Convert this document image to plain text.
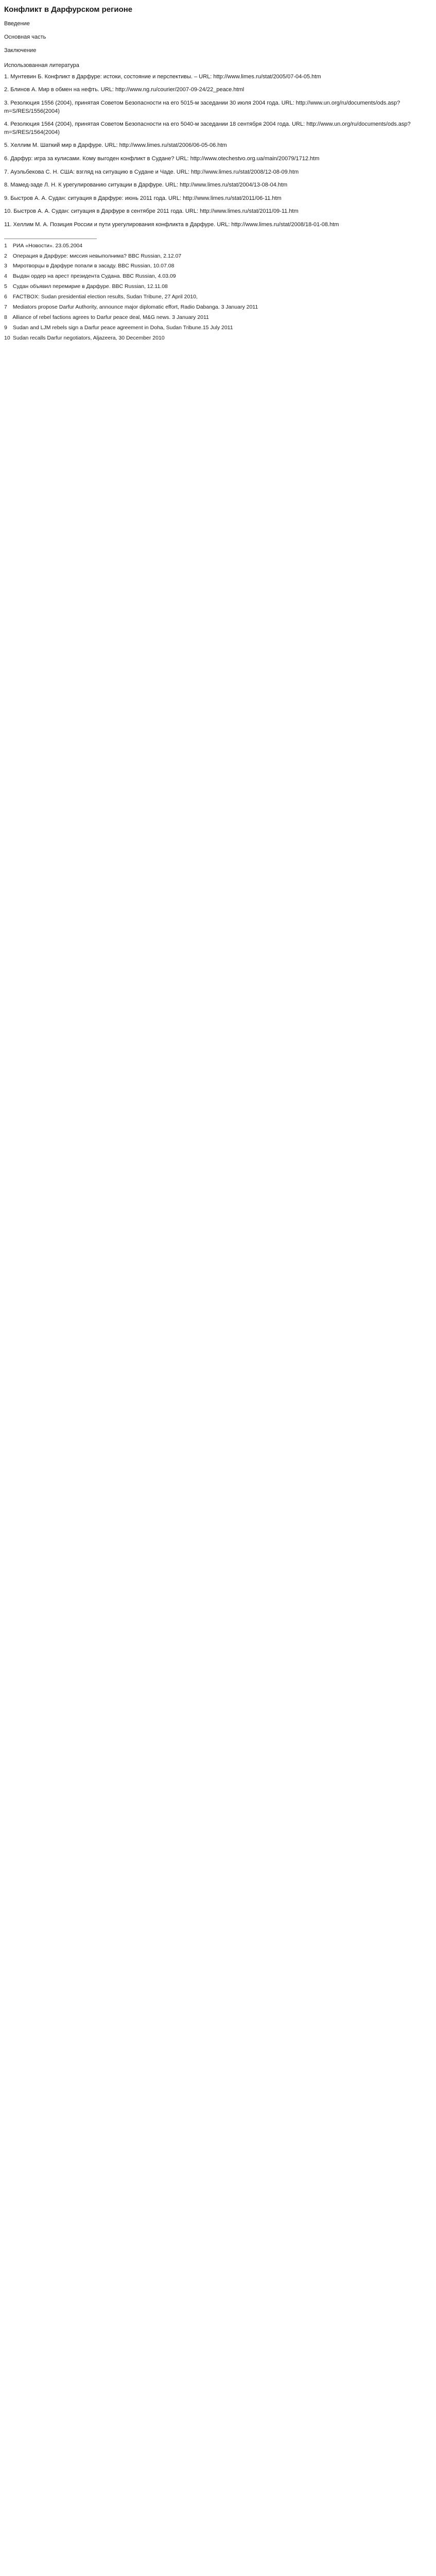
Конфликт в Дарфурском регионе
Введение

Основная часть

Заключение

Использованная литература
1. Мунтевин Б. Конфликт в Дарфуре: истоки, состояние и перспективы. – URL: http://www.limes.ru/stat/2005/07-04-05.htm
2. Блинов А. Мир в обмен на нефть. URL: http://www.ng.ru/courier/2007-09-24/22_peace.html
3. Резолюция 1556 (2004), принятая Советом Безопасности на его 5015-м заседании 30 июля 2004 года. URL: http://www.un.org/ru/documents/ods.asp?m=S/RES/1556(2004)
4. Резолюция 1564 (2004), принятая Советом Безопасности на его 5040-м заседании 18 сентября 2004 года. URL: http://www.un.org/ru/documents/ods.asp?m=S/RES/1564(2004)
5. Хеллим М. Шаткий мир в Дарфуре. URL: http://www.limes.ru/stat/2006/06-05-06.htm
6. Дарфур: игра за кулисами. Кому выгоден конфликт в Судане? URL: http://www.otechestvo.org.ua/main/20079/1712.htm
7. Ауэльбекова С. Н. США: взгляд на ситуацию в Судане и Чаде. URL: http://www.limes.ru/stat/2008/12-08-09.htm
8. Мамед-заде Л. Н. К урегулированию ситуации в Дарфуре. URL: http://www.limes.ru/stat/2004/13-08-04.htm
9. Быстров А. А. Судан: ситуация в Дарфуре: июнь 2011 года. URL: http://www.limes.ru/stat/2011/06-11.htm
10. Быстров А. А. Судан: ситуация в Дарфуре в сентябре 2011 года. URL: http://www.limes.ru/stat/2011/09-11.htm
11. Хеллим М. А. Позиция России и пути урегулирования конфликта в Дарфуре. URL: http://www.limes.ru/stat/2008/18-01-08.htm
1 РИА «Новости». 23.05.2004
2 Операция в Дарфуре: миссия невыполнима? BBC Russian, 2.12.07
3 Миротворцы в Дарфуре попали в засаду. BBC Russian, 10.07.08
4 Выдан ордер на арест президента Судана. BBC Russian, 4.03.09
5 Судан объявил перемирие в Дарфуре. BBC Russian, 12.11.08
6 FACTBOX: Sudan presidential election results, Sudan Tribune, 27 April 2010,
7 Mediators propose Darfur Authority, announce major diplomatic effort, Radio Dabanga. 3 January 2011
8 Alliance of rebel factions agrees to Darfur peace deal, M&G news. 3 January 2011
9 Sudan and LJM rebels sign a Darfur peace agreement in Doha, Sudan Tribune.15 July 2011
10 Sudan recalls Darfur negotiators, Aljazeera, 30 December 2010
